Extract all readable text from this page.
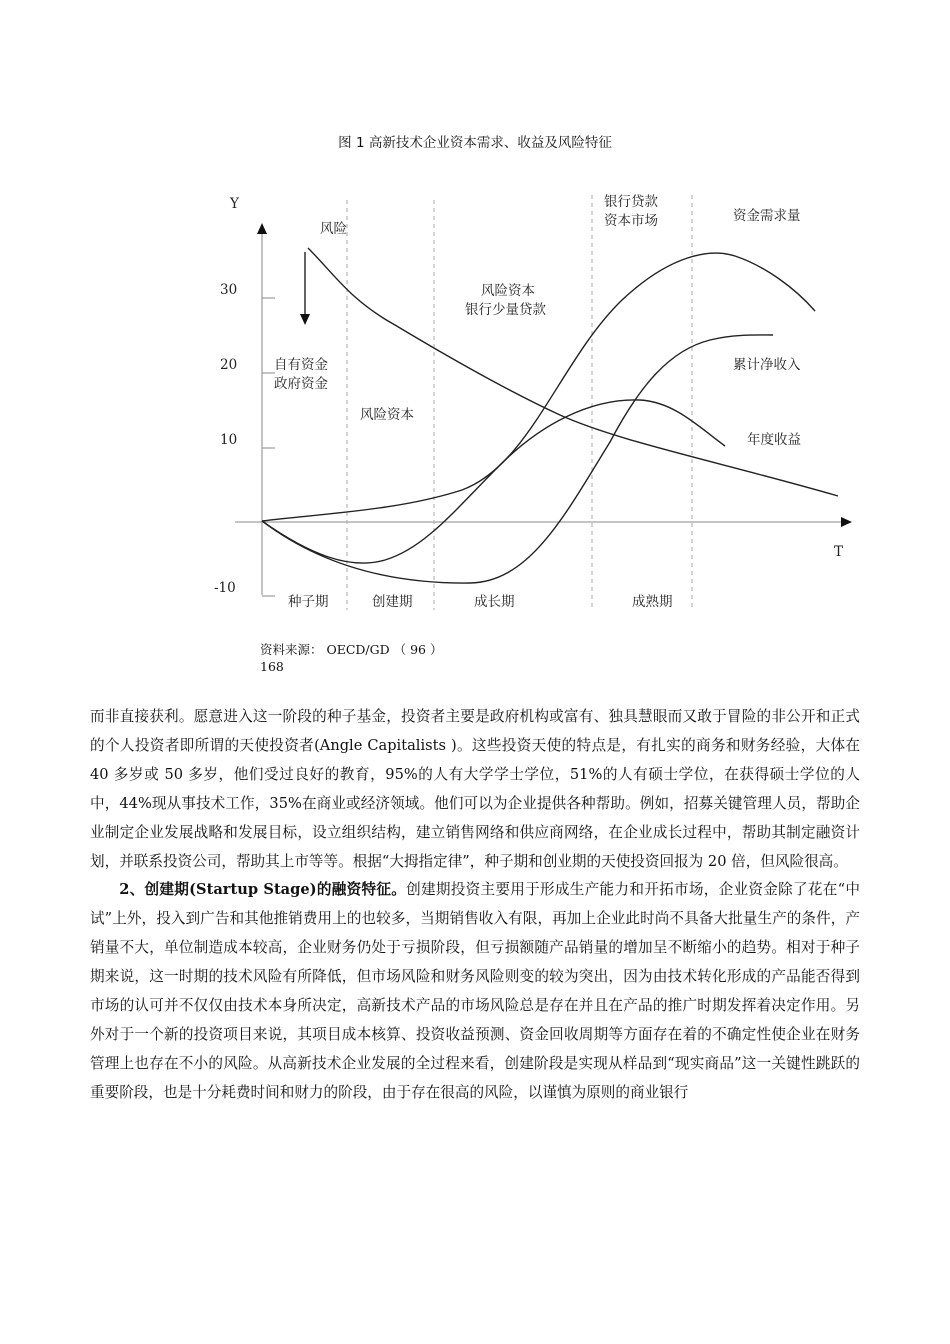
图 1 高新技术企业资本需求、收益及风险特征
Y
T
30
20
10
-10
资金需求量
累计净收入
年度收益
风险
自有资金
政府资金
风险资本
风险资本
银行少量贷款
银行贷款
资本市场
种子期	创建期	成长期	成熟期
资料来源： OECD/GD （ 96 ）
168

而非直接获利。愿意进入这一阶段的种子基金，投资者主要是政府机构或富有、独具慧眼而又敢于冒险的非公开和正式的个人投资者即所谓的天使投资者(Angle Capitalists )。这些投资天使的特点是，有扎实的商务和财务经验，大体在 40 多岁或 50 多岁，他们受过良好的教育，95%的人有大学学士学位，51%的人有硕士学位，在获得硕士学位的人中，44%现从事技术工作，35%在商业或经济领域。他们可以为企业提供各种帮助。例如，招募关键管理人员，帮助企业制定企业发展战略和发展目标，设立组织结构，建立销售网络和供应商网络，在企业成长过程中，帮助其制定融资计划，并联系投资公司，帮助其上市等等。根据“大拇指定律”，种子期和创业期的天使投资回报为 20 倍，但风险很高。

2、创建期(Startup Stage)的融资特征。创建期投资主要用于形成生产能力和开拓市场，企业资金除了花在“中试”上外，投入到广告和其他推销费用上的也较多，当期销售收入有限，再加上企业此时尚不具备大批量生产的条件，产销量不大，单位制造成本较高，企业财务仍处于亏损阶段，但亏损额随产品销量的增加呈不断缩小的趋势。相对于种子期来说，这一时期的技术风险有所降低，但市场风险和财务风险则变的较为突出，因为由技术转化形成的产品能否得到市场的认可并不仅仅由技术本身所决定，高新技术产品的市场风险总是存在并且在产品的推广时期发挥着决定作用。另外对于一个新的投资项目来说，其项目成本核算、投资收益预测、资金回收周期等方面存在着的不确定性使企业在财务管理上也存在不小的风险。从高新技术企业发展的全过程来看，创建阶段是实现从样品到“现实商品”这一关键性跳跃的重要阶段，也是十分耗费时间和财力的阶段，由于存在很高的风险，以谨慎为原则的商业银行
